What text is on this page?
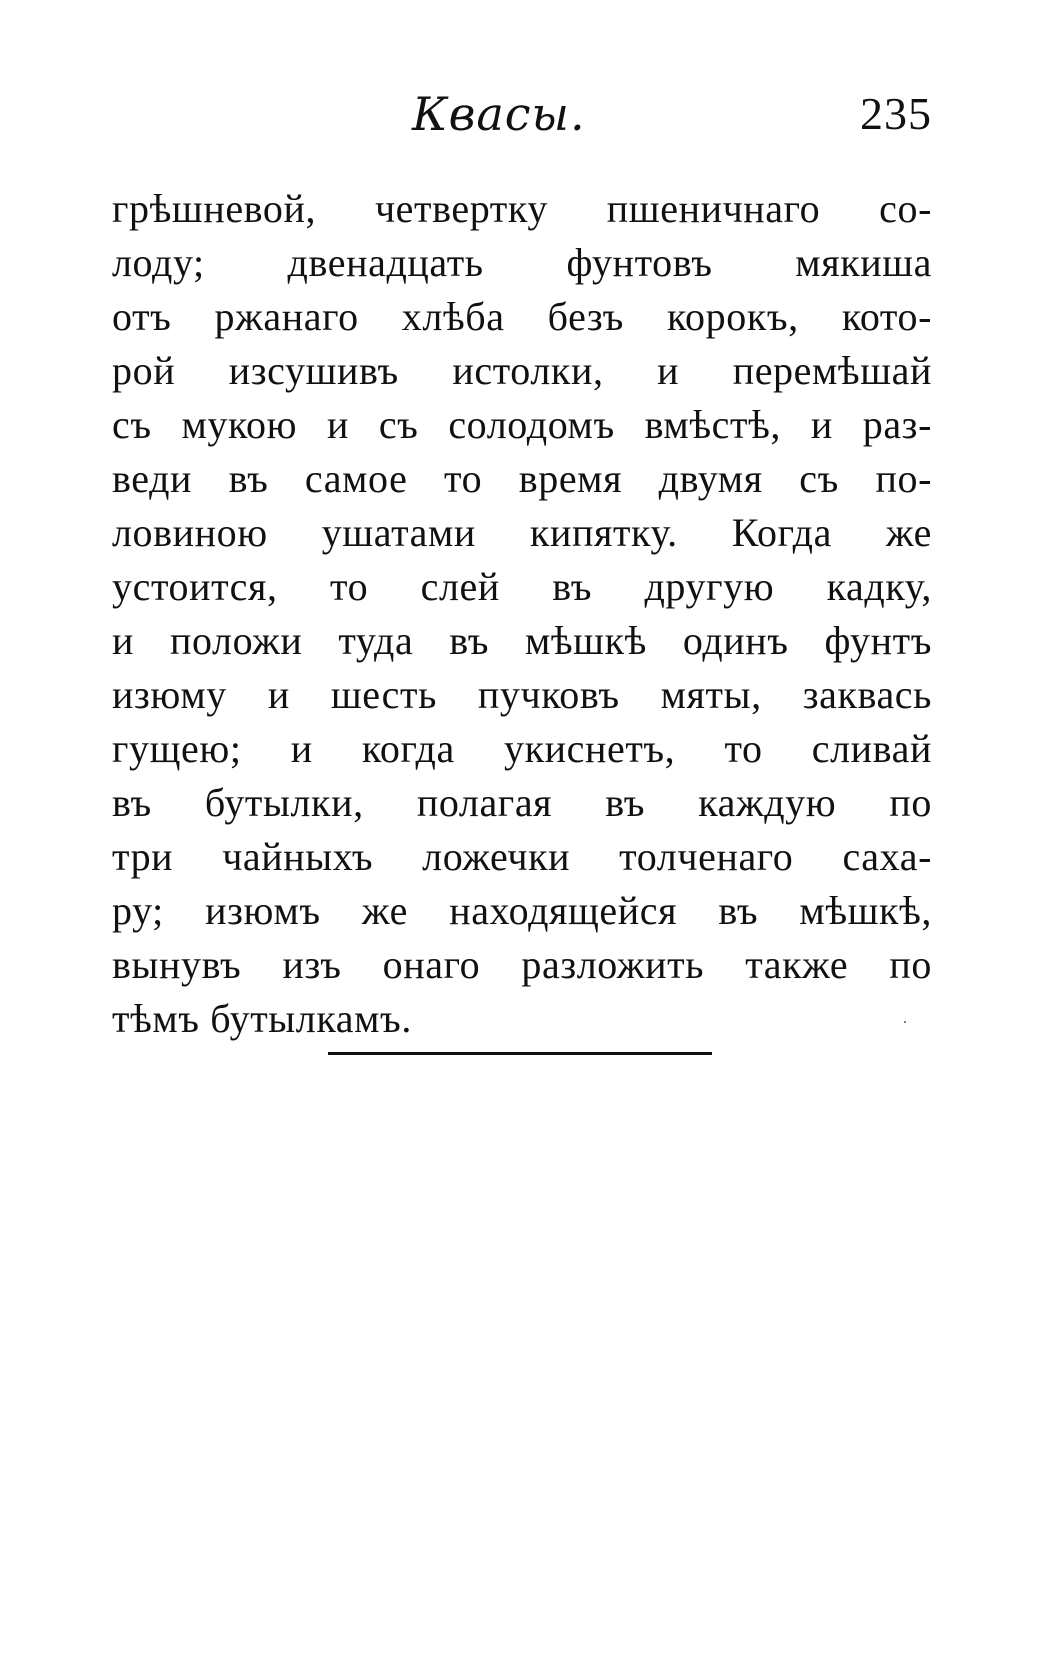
Квасы.	235
грѣшневой, четвертку пшеничнаго со-
лоду; двенадцать фунтовъ мякиша
отъ ржанаго хлѣба безъ корокъ, кото-
рой изсушивъ истолки, и перемѣшай
съ мукою и съ солодомъ вмѣстѣ, и раз-
веди въ самое то время двумя съ по-
ловиною ушатами кипятку. Когда же
устоится, то слей въ другую кадку,
и положи туда въ мѣшкѣ одинъ фунтъ
изюму и шесть пучковъ мяты, заквась
гущею; и когда укиснетъ, то сливай
въ бутылки, полагая въ каждую по
три чайныхъ ложечки толченаго саха-
ру; изюмъ же находящейся въ мѣшкѣ,
вынувъ изъ онаго разложить также по
тѣмъ бутылкамъ.
